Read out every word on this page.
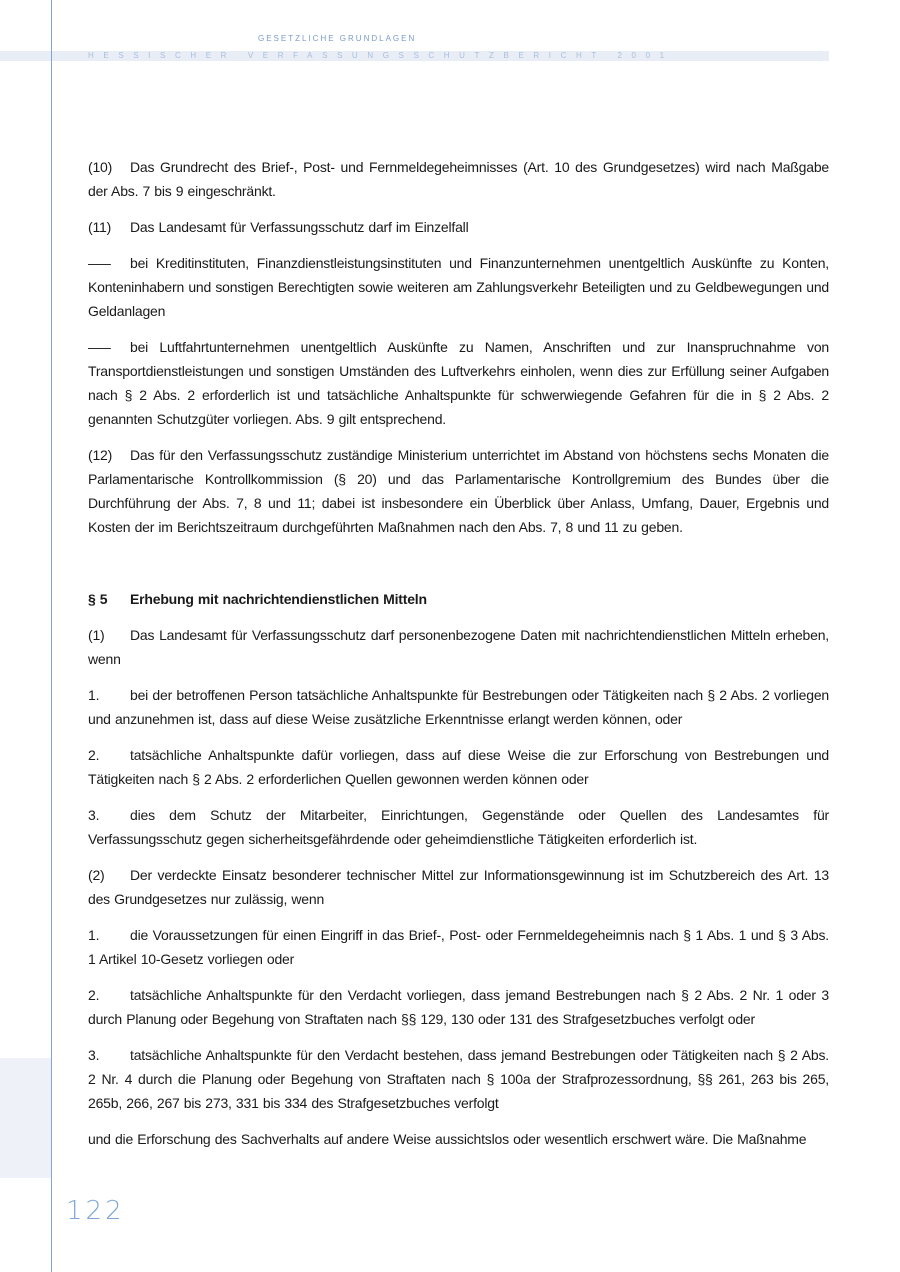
GESETZLICHE GRUNDLAGEN

HESSISCHER VERFASSUNGSSCHUTZBERICHT 2001

(10) Das Grundrecht des Brief-, Post- und Fernmeldegeheimnisses (Art. 10 des Grundgesetzes) wird nach Maßgabe der Abs. 7 bis 9 eingeschränkt.

(11) Das Landesamt für Verfassungsschutz darf im Einzelfall

––– bei Kreditinstituten, Finanzdienstleistungsinstituten und Finanzunternehmen unentgeltlich Auskünfte zu Konten, Konteninhabern und sonstigen Berechtigten sowie weiteren am Zahlungsverkehr Beteiligten und zu Geldbewegungen und Geldanlagen

––– bei Luftfahrtunternehmen unentgeltlich Auskünfte zu Namen, Anschriften und zur Inanspruchnahme von Transportdienstleistungen und sonstigen Umständen des Luftverkehrs einholen, wenn dies zur Erfüllung seiner Aufgaben nach § 2 Abs. 2 erforderlich ist und tatsächliche Anhaltspunkte für schwerwiegende Gefahren für die in § 2 Abs. 2 genannten Schutzgüter vorliegen. Abs. 9 gilt entsprechend.

(12) Das für den Verfassungsschutz zuständige Ministerium unterrichtet im Abstand von höchstens sechs Monaten die Parlamentarische Kontrollkommission (§ 20) und das Parlamentarische Kontrollgremium des Bundes über die Durchführung der Abs. 7, 8 und 11; dabei ist insbesondere ein Überblick über Anlass, Umfang, Dauer, Ergebnis und Kosten der im Berichtszeitraum durchgeführten Maßnahmen nach den Abs. 7, 8 und 11 zu geben.

§ 5 Erhebung mit nachrichtendienstlichen Mitteln

(1) Das Landesamt für Verfassungsschutz darf personenbezogene Daten mit nachrichtendienstlichen Mitteln erheben, wenn

1. bei der betroffenen Person tatsächliche Anhaltspunkte für Bestrebungen oder Tätigkeiten nach § 2 Abs. 2 vorliegen und anzunehmen ist, dass auf diese Weise zusätzliche Erkenntnisse erlangt werden können, oder

2. tatsächliche Anhaltspunkte dafür vorliegen, dass auf diese Weise die zur Erforschung von Bestrebungen und Tätigkeiten nach § 2 Abs. 2 erforderlichen Quellen gewonnen werden können oder

3. dies dem Schutz der Mitarbeiter, Einrichtungen, Gegenstände oder Quellen des Landesamtes für Verfassungsschutz gegen sicherheitsgefährdende oder geheimdienstliche Tätigkeiten erforderlich ist.

(2) Der verdeckte Einsatz besonderer technischer Mittel zur Informationsgewinnung ist im Schutzbereich des Art. 13 des Grundgesetzes nur zulässig, wenn

1. die Voraussetzungen für einen Eingriff in das Brief-, Post- oder Fernmeldegeheimnis nach § 1 Abs. 1 und § 3 Abs. 1 Artikel 10-Gesetz vorliegen oder

2. tatsächliche Anhaltspunkte für den Verdacht vorliegen, dass jemand Bestrebungen nach § 2 Abs. 2 Nr. 1 oder 3 durch Planung oder Begehung von Straftaten nach §§ 129, 130 oder 131 des Strafgesetzbuches verfolgt oder

3. tatsächliche Anhaltspunkte für den Verdacht bestehen, dass jemand Bestrebungen oder Tätigkeiten nach § 2 Abs. 2 Nr. 4 durch die Planung oder Begehung von Straftaten nach § 100a der Strafprozessordnung, §§ 261, 263 bis 265, 265b, 266, 267 bis 273, 331 bis 334 des Strafgesetzbuches verfolgt

und die Erforschung des Sachverhalts auf andere Weise aussichtslos oder wesentlich erschwert wäre. Die Maßnahme

122
